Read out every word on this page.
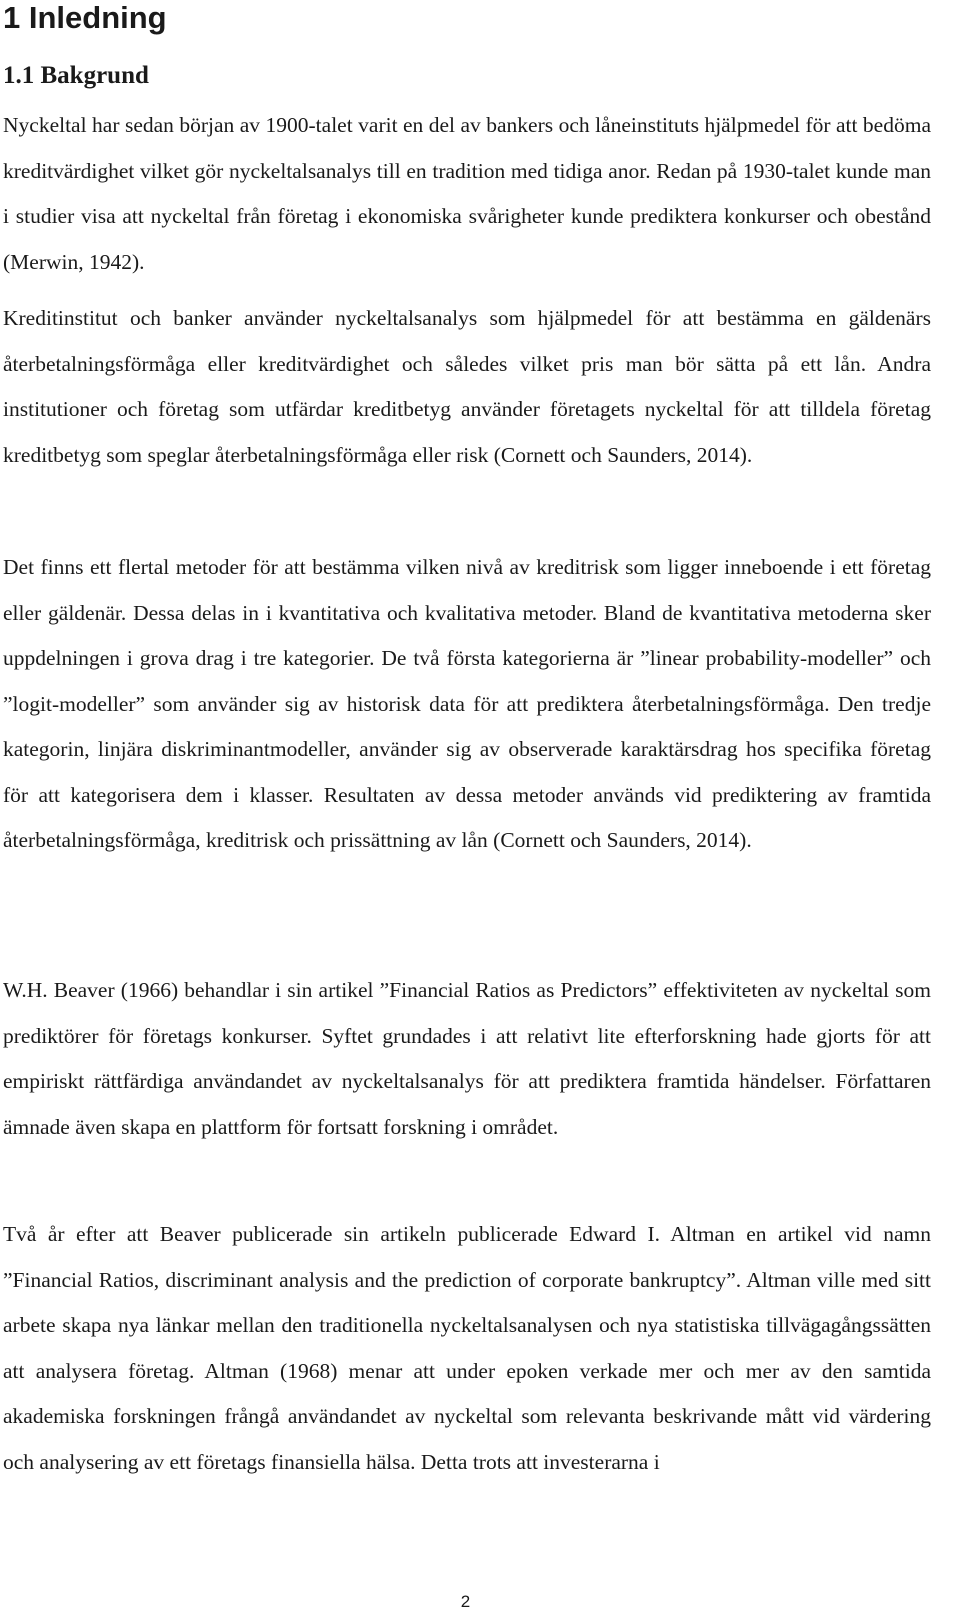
1 Inledning
1.1 Bakgrund

Nyckeltal har sedan början av 1900-talet varit en del av bankers och låneinstituts hjälpmedel för att bedöma kreditvärdighet vilket gör nyckeltalsanalys till en tradition med tidiga anor. Redan på 1930-talet kunde man i studier visa att nyckeltal från företag i ekonomiska svårigheter kunde prediktera konkurser och obestånd (Merwin, 1942).

Kreditinstitut och banker använder nyckeltalsanalys som hjälpmedel för att bestämma en gäldenärs återbetalningsförmåga eller kreditvärdighet och således vilket pris man bör sätta på ett lån. Andra institutioner och företag som utfärdar kreditbetyg använder företagets nyckeltal för att tilldela företag kreditbetyg som speglar återbetalningsförmåga eller risk (Cornett och Saunders, 2014).

Det finns ett flertal metoder för att bestämma vilken nivå av kreditrisk som ligger inneboende i ett företag eller gäldenär. Dessa delas in i kvantitativa och kvalitativa metoder. Bland de kvantitativa metoderna sker uppdelningen i grova drag i tre kategorier. De två första kategorierna är ”linear probability-modeller” och ”logit-modeller” som använder sig av historisk data för att prediktera återbetalningsförmåga. Den tredje kategorin, linjära diskriminantmodeller, använder sig av observerade karaktärsdrag hos specifika företag för att kategorisera dem i klasser. Resultaten av dessa metoder används vid prediktering av framtida återbetalningsförmåga, kreditrisk och prissättning av lån (Cornett och Saunders, 2014).

W.H. Beaver (1966) behandlar i sin artikel ”Financial Ratios as Predictors” effektiviteten av nyckeltal som prediktörer för företags konkurser. Syftet grundades i att relativt lite efterforskning hade gjorts för att empiriskt rättfärdiga användandet av nyckeltalsanalys för att prediktera framtida händelser. Författaren ämnade även skapa en plattform för fortsatt forskning i området.

Två år efter att Beaver publicerade sin artikeln publicerade Edward I. Altman en artikel vid namn ”Financial Ratios, discriminant analysis and the prediction of corporate bankruptcy”. Altman ville med sitt arbete skapa nya länkar mellan den traditionella nyckeltalsanalysen och nya statistiska tillvägagångssätten att analysera företag. Altman (1968) menar att under epoken verkade mer och mer av den samtida akademiska forskningen frångå användandet av nyckeltal som relevanta beskrivande mått vid värdering och analysering av ett företags finansiella hälsa. Detta trots att investerarna i

2
